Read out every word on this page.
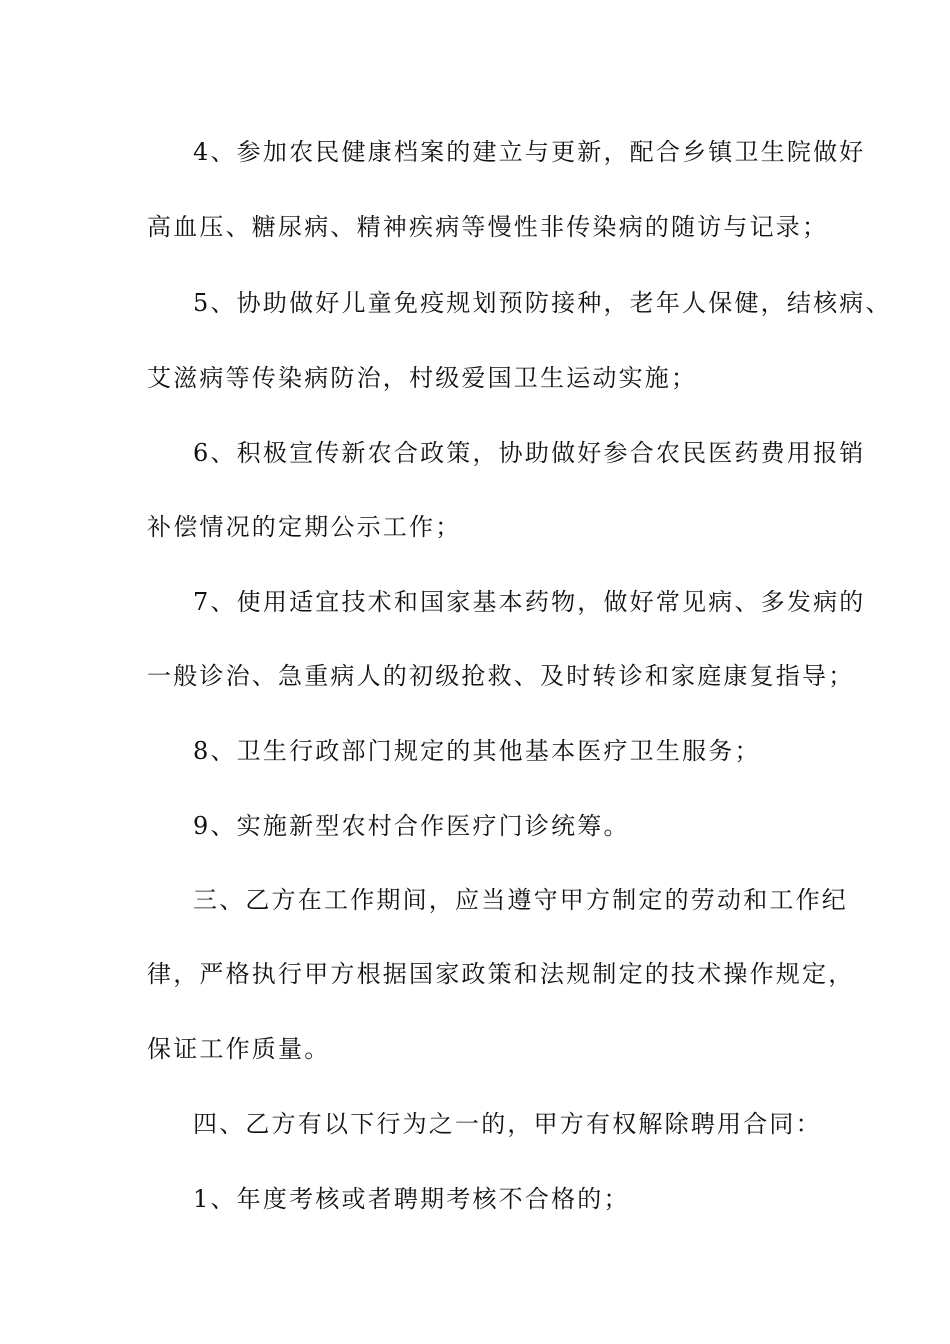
4、参加农民健康档案的建立与更新，配合乡镇卫生院做好
高血压、糖尿病、精神疾病等慢性非传染病的随访与记录；
5、协助做好儿童免疫规划预防接种，老年人保健，结核病、
艾滋病等传染病防治，村级爱国卫生运动实施；
6、积极宣传新农合政策，协助做好参合农民医药费用报销
补偿情况的定期公示工作；
7、使用适宜技术和国家基本药物，做好常见病、多发病的
一般诊治、急重病人的初级抢救、及时转诊和家庭康复指导；
8、卫生行政部门规定的其他基本医疗卫生服务；
9、实施新型农村合作医疗门诊统筹。
三、乙方在工作期间，应当遵守甲方制定的劳动和工作纪
律，严格执行甲方根据国家政策和法规制定的技术操作规定，
保证工作质量。
四、乙方有以下行为之一的，甲方有权解除聘用合同：
1、年度考核或者聘期考核不合格的；
